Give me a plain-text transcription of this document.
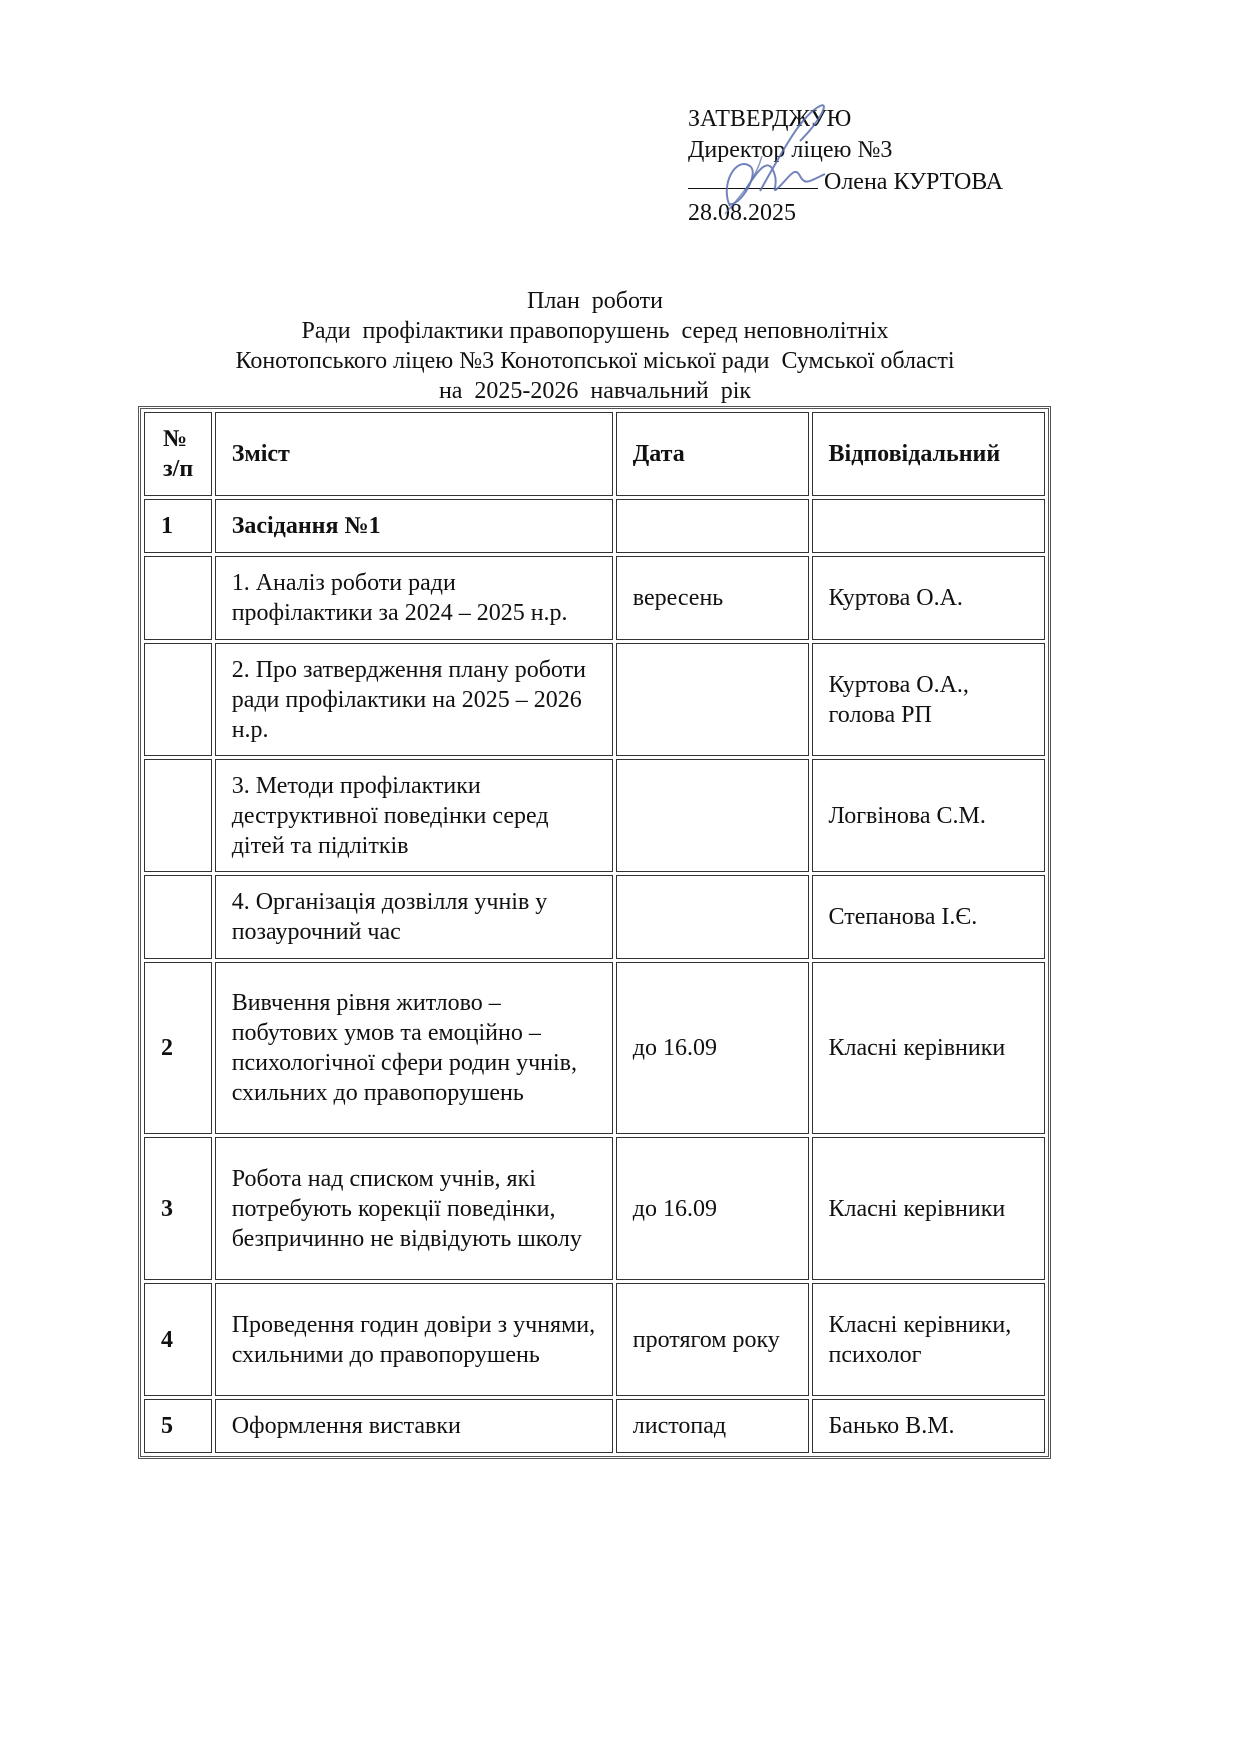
ЗАТВЕРДЖУЮ
Директор ліцею №3
Олена КУРТОВА
28.08.2025
План  роботи
Ради  профілактики правопорушень  серед неповнолітніх
Конотопського ліцею №3 Конотопської міської ради  Сумської області
на  2025-2026  навчальний  рік
№ з/п	Зміст	Дата	Відповідальний
1	Засідання №1		
	1. Аналіз роботи ради профілактики за 2024 – 2025 н.р.	вересень	Куртова О.А.
	2. Про затвердження плану роботи ради профілактики на 2025 – 2026 н.р.		Куртова О.А., голова РП
	3. Методи профілактики деструктивної поведінки серед дітей та підлітків		Логвінова С.М.
	4. Організація дозвілля учнів у позаурочний час		Степанова І.Є.
2	Вивчення рівня житлово – побутових умов та емоційно – психологічної сфери родин учнів, схильних до правопорушень	до 16.09	Класні керівники
3	Робота над списком учнів, які потребують корекції поведінки, безпричинно не відвідують школу	до 16.09	Класні керівники
4	Проведення годин довіри з учнями, схильними до правопорушень	протягом року	Класні керівники, психолог
5	Оформлення виставки	листопад	Банько В.М.
